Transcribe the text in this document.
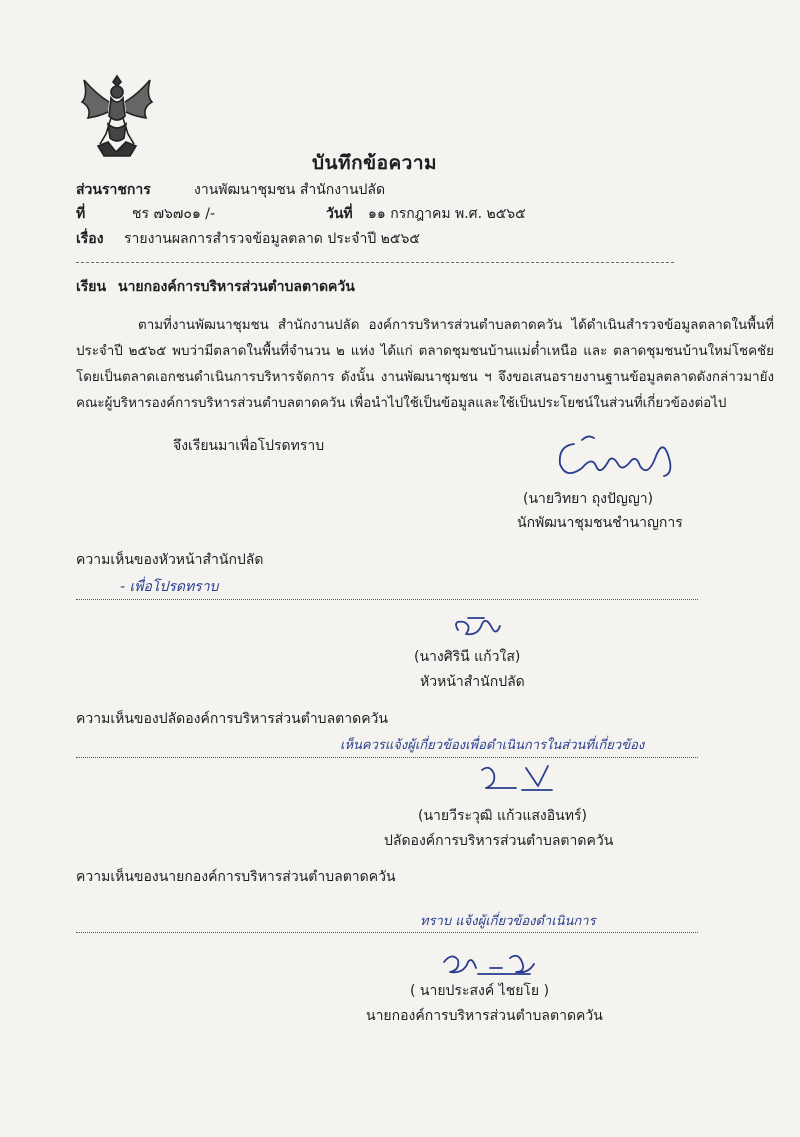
บันทึกข้อความ
ส่วนราชการ	งานพัฒนาชุมชน สำนักงานปลัด
ที่	ชร ๗๖๗๐๑ /-	วันที่ ๑๑ กรกฎาคม พ.ศ. ๒๕๖๕
เรื่อง รายงานผลการสำรวจข้อมูลตลาด ประจำปี ๒๕๖๕
เรียน นายกองค์การบริหารส่วนตำบลตาดควัน
ตามที่งานพัฒนาชุมชน สำนักงานปลัด องค์การบริหารส่วนตำบลตาดควัน ได้ดำเนินสำรวจข้อมูลตลาดในพื้นที่ ประจำปี ๒๕๖๕ พบว่ามีตลาดในพื้นที่จำนวน ๒ แห่ง ได้แก่ ตลาดชุมชนบ้านแม่ต๋ำเหนือ และ ตลาดชุมชนบ้านใหม่โชคชัย โดยเป็นตลาดเอกชนดำเนินการบริหารจัดการ ดังนั้น งานพัฒนาชุมชน ฯ จึงขอเสนอรายงานฐานข้อมูลตลาดดังกล่าวมายัง คณะผู้บริหารองค์การบริหารส่วนตำบลตาดควัน เพื่อนำไปใช้เป็นข้อมูลและใช้เป็นประโยชน์ในส่วนที่เกี่ยวข้องต่อไป
จึงเรียนมาเพื่อโปรดทราบ
(นายวิทยา ถุงปัญญา)
นักพัฒนาชุมชนชำนาญการ
ความเห็นของหัวหน้าสำนักปลัด
- เพื่อโปรดทราบ
(นางศิรินี แก้วใส)
หัวหน้าสำนักปลัด
ความเห็นของปลัดองค์การบริหารส่วนตำบลตาดควัน
เห็นควรแจ้งผู้เกี่ยวข้องเพื่อดำเนินการในส่วนที่เกี่ยวข้อง
(นายวีระวุฒิ แก้วแสงอินทร์)
ปลัดองค์การบริหารส่วนตำบลตาดควัน
ความเห็นของนายกองค์การบริหารส่วนตำบลตาดควัน
ทราบ แจ้งผู้เกี่ยวข้องดำเนินการ
( นายประสงค์ ไชยโย )
นายกองค์การบริหารส่วนตำบลตาดควัน
